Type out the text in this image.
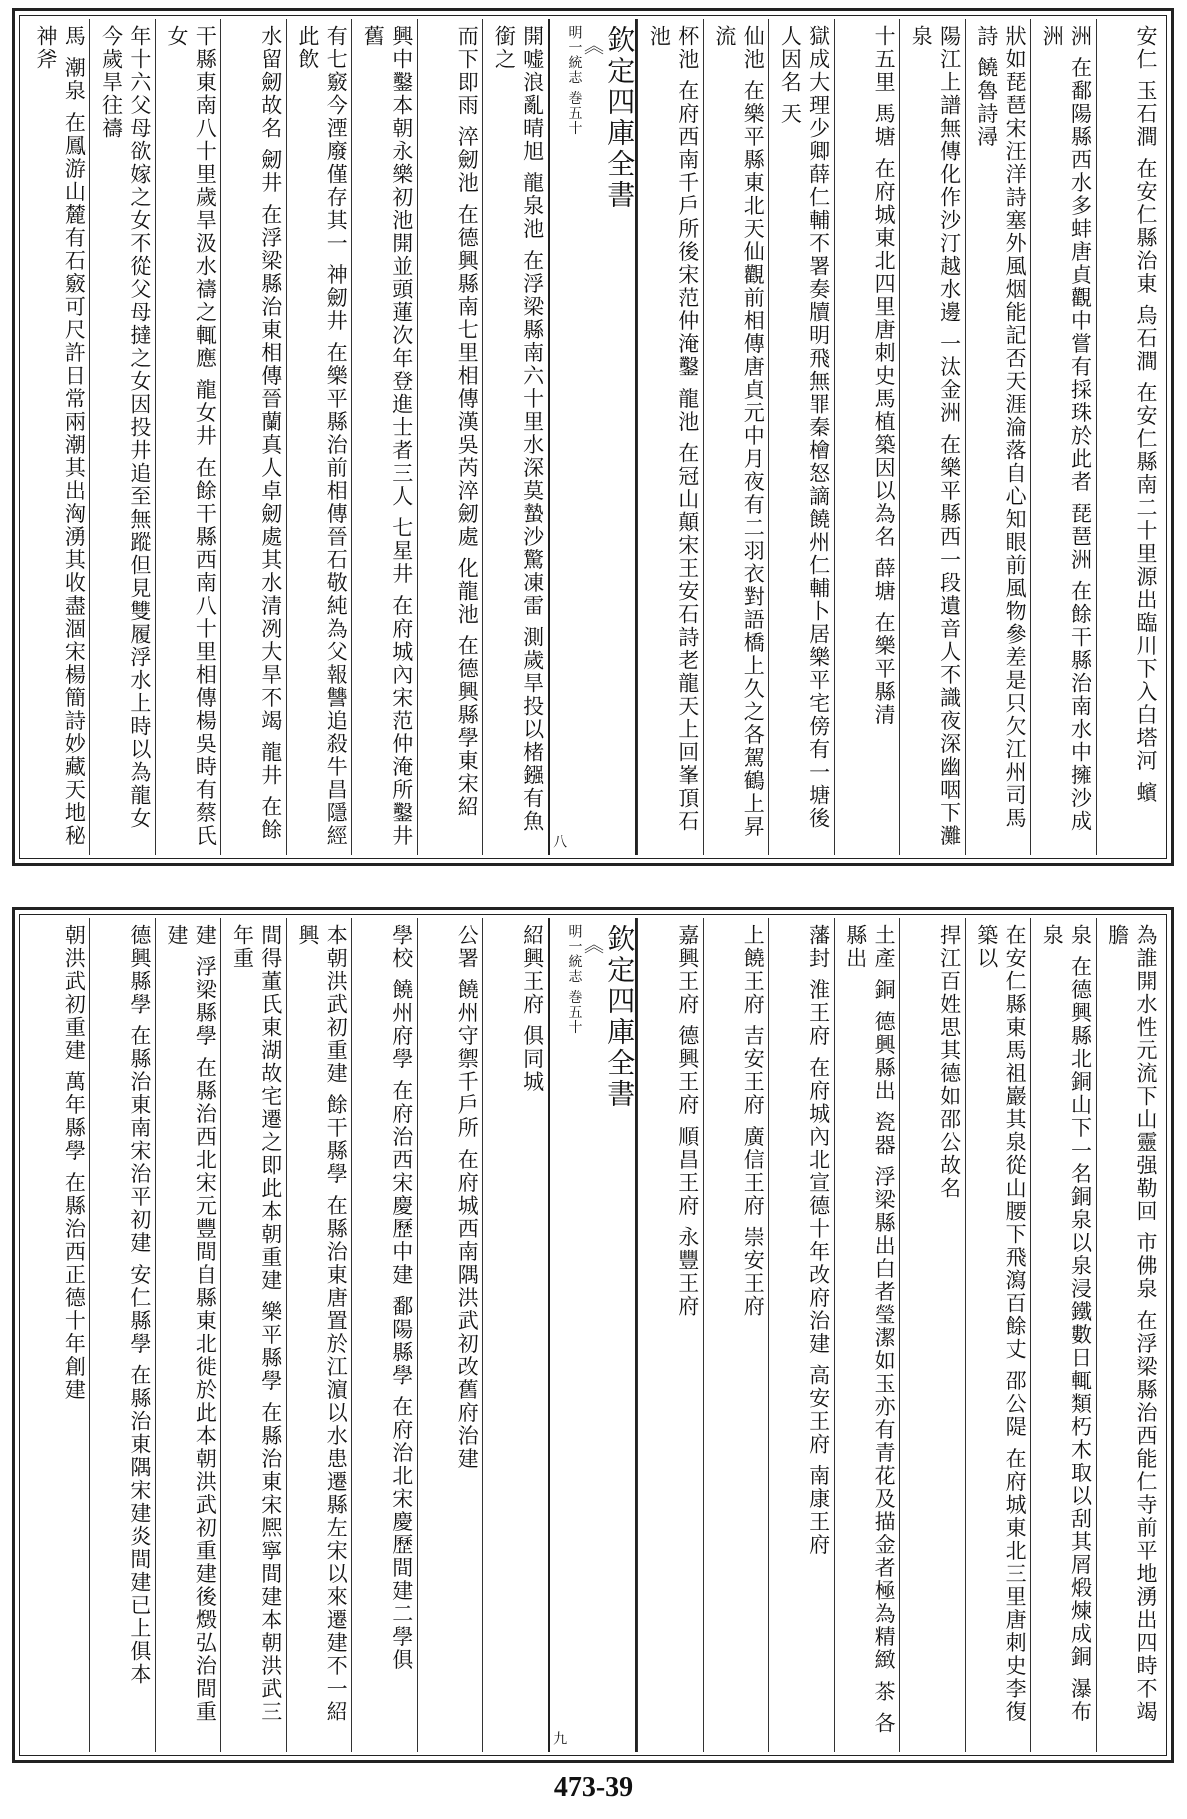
安仁 玉石澗 在安仁縣治東 烏石澗 在安仁縣南二十里源出臨川下入白塔河 蠙
洲 在鄱陽縣西水多蚌唐貞觀中嘗有採珠於此者 琵琶洲 在餘干縣治南水中擁沙成洲
狀如琵琶宋汪洋詩塞外風烟能記否天涯淪落自心知眼前風物參差是只欠江州司馬詩 饒魯詩潯
陽江上譜無傳化作沙汀越水邊 一汰金洲 在樂平縣西一段遺音人不識夜深幽咽下灘泉
十五里 馬塘 在府城東北四里唐刺史馬植築因以為名 薛塘 在樂平縣清
獄成大理少卿薛仁輔不署奏牘明飛無罪秦檜怒謫饒州仁輔卜居樂平宅傍有一塘後人因名 天
仙池 在樂平縣東北天仙觀前相傳唐貞元中月夜有二羽衣對語橋上久之各駕鶴上昇 流
杯池 在府西南千戶所後宋范仲淹鑿 龍池 在冠山顛宋王安石詩老龍天上回峯頂石池
欽定四庫全書
︽
明一統志 巻五十
八
開嘘浪亂晴旭 龍泉池 在浮梁縣南六十里水深莫蟄沙驚凍雷 測歲旱投以楮鏹有魚銜之
而下即雨 淬劒池 在德興縣南七里相傳漢吳芮淬劒處 化龍池 在德興縣學東宋紹
興中鑿本朝永樂初池開並頭蓮次年登進士者三人 七星井 在府城內宋范仲淹所鑿井舊
有七竅今湮廢僅存其一 神劒井 在樂平縣治前相傳晉石敬純為父報讐追殺牛昌隱經此飲
水留劒故名 劒井 在浮梁縣治東相傳晉蘭真人卓劒處其水清冽大旱不竭 龍井 在餘
干縣東南八十里歲旱汲水禱之輒應 龍女井 在餘干縣西南八十里相傳楊吳時有蔡氏女
年十六父母欲嫁之女不從父母撻之女因投井追至無蹤但見雙履浮水上時以為龍女今歲旱往禱
馬 潮泉 在鳳游山麓有石竅可尺許日常兩潮其出洶湧其收盡涸宋楊簡詩妙藏天地秘神斧
為誰開水性元流下山靈强勒回 市佛泉 在浮梁縣治西能仁寺前平地湧出四時不竭 膽
泉 在德興縣北銅山下一名銅泉以泉浸鐵數日輒類朽木取以刮其屑煅煉成銅 瀑布泉
在安仁縣東馬祖巖其泉從山腰下飛瀉百餘丈 邵公隄 在府城東北三里唐刺史李復築以
捍江百姓思其德如邵公故名
土產 銅 德興縣出 瓷器 浮梁縣出白者瑩潔如玉亦有青花及描金者極為精緻 茶 各縣出
藩封 淮王府 在府城內北宣德十年改府治建 高安王府 南康王府
上饒王府 吉安王府 廣信王府 崇安王府
嘉興王府 德興王府 順昌王府 永豐王府
欽定四庫全書
︽
明一統志 巻五十
九
紹興王府 俱同城
公署 饒州守禦千戶所 在府城西南隅洪武初改舊府治建
學校 饒州府學 在府治西宋慶歷中建 鄱陽縣學 在府治北宋慶歷間建二學俱
本朝洪武初重建 餘干縣學 在縣治東唐置於江濵以水患遷縣左宋以來遷建不一紹興
間得董氏東湖故宅遷之即此本朝重建 樂平縣學 在縣治東宋熈寧間建本朝洪武三年重
建 浮梁縣學 在縣治西北宋元豐間自縣東北徙於此本朝洪武初重建後燬弘治間重建
德興縣學 在縣治東南宋治平初建 安仁縣學 在縣治東隅宋建炎間建已上俱本
朝洪武初重建 萬年縣學 在縣治西正德十年創建
473-39
